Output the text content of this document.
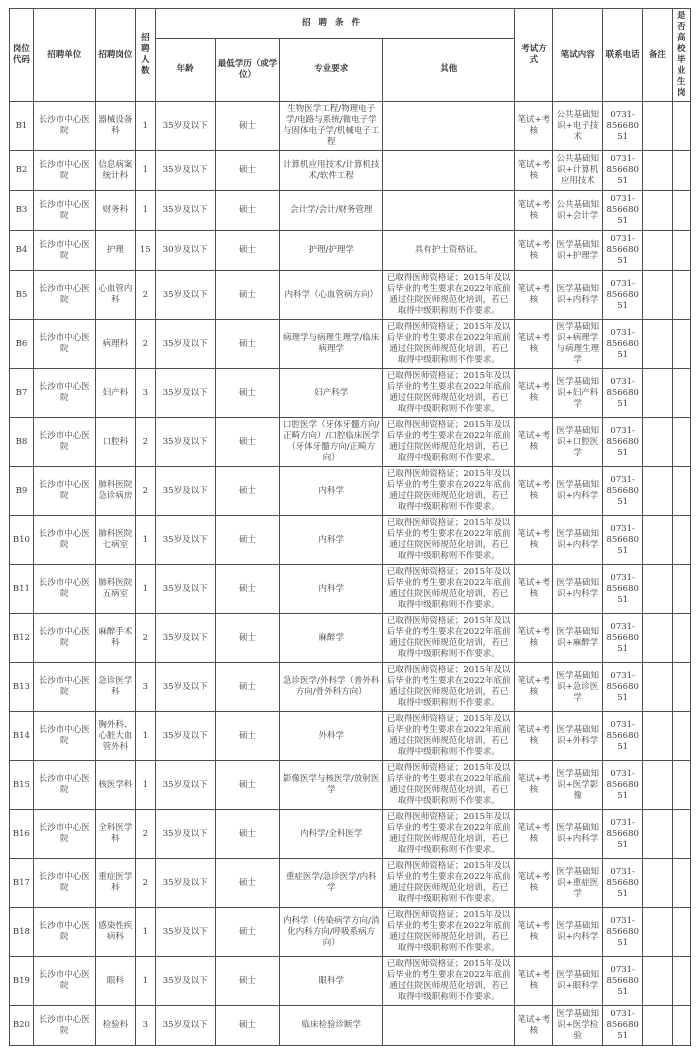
岗位代码	招聘单位	招聘岗位	招聘人数	招聘条件				考试方式	笔试内容	联系电话	备注	是否高校毕业生岗
				年龄	最低学历（或学位）	专业要求	其他					
B1	长沙市中心医院	器械设备科	1	35岁及以下	硕士	生物医学工程/物理电子学/电路与系统/微电子学与固体电子学/机械电子工程		笔试+考核	公共基础知识+电子技术	0731-85668051		
B2	长沙市中心医院	信息病案统计科	1	35岁及以下	硕士	计算机应用技术/计算机技术/软件工程		笔试+考核	公共基础知识+计算机应用技术	0731-85668051		
B3	长沙市中心医院	财务科	1	35岁及以下	硕士	会计学/会计/财务管理		笔试+考核	公共基础知识+会计学	0731-85668051		
B4	长沙市中心医院	护理	15	30岁及以下	硕士	护理/护理学	具有护士资格证。	笔试+考核	医学基础知识+护理学	0731-85668051		
B5	长沙市中心医院	心血管内科	2	35岁及以下	硕士	内科学（心血管病方向）	已取得医师资格证；2015年及以后毕业的考生要求在2022年底前通过住院医师规范化培训，若已取得中级职称则不作要求。	笔试+考核	医学基础知识+内科学	0731-85668051		
B6	长沙市中心医院	病理科	2	35岁及以下	硕士	病理学与病理生理学/临床病理学	已取得医师资格证；2015年及以后毕业的考生要求在2022年底前通过住院医师规范化培训，若已取得中级职称则不作要求。	笔试+考核	医学基础知识+病理学与病理生理学	0731-85668051		
B7	长沙市中心医院	妇产科	3	35岁及以下	硕士	妇产科学	已取得医师资格证；2015年及以后毕业的考生要求在2022年底前通过住院医师规范化培训，若已取得中级职称则不作要求。	笔试+考核	医学基础知识+妇产科学	0731-85668051		
B8	长沙市中心医院	口腔科	2	35岁及以下	硕士	口腔医学（牙体牙髓方向/正畸方向）/口腔临床医学（牙体牙髓方向/正畸方向）	已取得医师资格证；2015年及以后毕业的考生要求在2022年底前通过住院医师规范化培训，若已取得中级职称则不作要求。	笔试+考核	医学基础知识+口腔医学	0731-85668051		
B9	长沙市中心医院	肺科医院急诊病房	2	35岁及以下	硕士	内科学	已取得医师资格证；2015年及以后毕业的考生要求在2022年底前通过住院医师规范化培训，若已取得中级职称则不作要求。	笔试+考核	医学基础知识+内科学	0731-85668051		
B10	长沙市中心医院	肺科医院七病室	1	35岁及以下	硕士	内科学	已取得医师资格证；2015年及以后毕业的考生要求在2022年底前通过住院医师规范化培训，若已取得中级职称则不作要求。	笔试+考核	医学基础知识+内科学	0731-85668051		
B11	长沙市中心医院	肺科医院五病室	1	35岁及以下	硕士	内科学	已取得医师资格证；2015年及以后毕业的考生要求在2022年底前通过住院医师规范化培训，若已取得中级职称则不作要求。	笔试+考核	医学基础知识+内科学	0731-85668051		
B12	长沙市中心医院	麻醉手术科	2	35岁及以下	硕士	麻醉学	已取得医师资格证；2015年及以后毕业的考生要求在2022年底前通过住院医师规范化培训，若已取得中级职称则不作要求。	笔试+考核	医学基础知识+麻醉学	0731-85668051		
B13	长沙市中心医院	急诊医学科	3	35岁及以下	硕士	急诊医学/外科学（普外科方向/骨外科方向）	已取得医师资格证；2015年及以后毕业的考生要求在2022年底前通过住院医师规范化培训，若已取得中级职称则不作要求。	笔试+考核	医学基础知识+急诊医学	0731-85668051		
B14	长沙市中心医院	胸外科、心脏大血管外科	1	35岁及以下	硕士	外科学	已取得医师资格证；2015年及以后毕业的考生要求在2022年底前通过住院医师规范化培训，若已取得中级职称则不作要求。	笔试+考核	医学基础知识+外科学	0731-85668051		
B15	长沙市中心医院	核医学科	1	35岁及以下	硕士	影像医学与核医学/放射医学	已取得医师资格证；2015年及以后毕业的考生要求在2022年底前通过住院医师规范化培训，若已取得中级职称则不作要求。	笔试+考核	医学基础知识+医学影像	0731-85668051		
B16	长沙市中心医院	全科医学科	2	35岁及以下	硕士	内科学/全科医学	已取得医师资格证；2015年及以后毕业的考生要求在2022年底前通过住院医师规范化培训，若已取得中级职称则不作要求。	笔试+考核	医学基础知识+内科学	0731-85668051		
B17	长沙市中心医院	重症医学科	2	35岁及以下	硕士	重症医学/急诊医学/内科学	已取得医师资格证；2015年及以后毕业的考生要求在2022年底前通过住院医师规范化培训，若已取得中级职称则不作要求。	笔试+考核	医学基础知识+重症医学	0731-85668051		
B18	长沙市中心医院	感染性疾病科	1	35岁及以下	硕士	内科学（传染病学方向/消化内科方向/呼吸系病方向）	已取得医师资格证；2015年及以后毕业的考生要求在2022年底前通过住院医师规范化培训，若已取得中级职称则不作要求。	笔试+考核	医学基础知识+内科学	0731-85668051		
B19	长沙市中心医院	眼科	1	35岁及以下	硕士	眼科学	已取得医师资格证；2015年及以后毕业的考生要求在2022年底前通过住院医师规范化培训，若已取得中级职称则不作要求。	笔试+考核	医学基础知识+眼科学	0731-85668051		
B20	长沙市中心医院	检验科	3	35岁及以下	硕士	临床检验诊断学		笔试+考核	医学基础知识+医学检验	0731-85668051		
